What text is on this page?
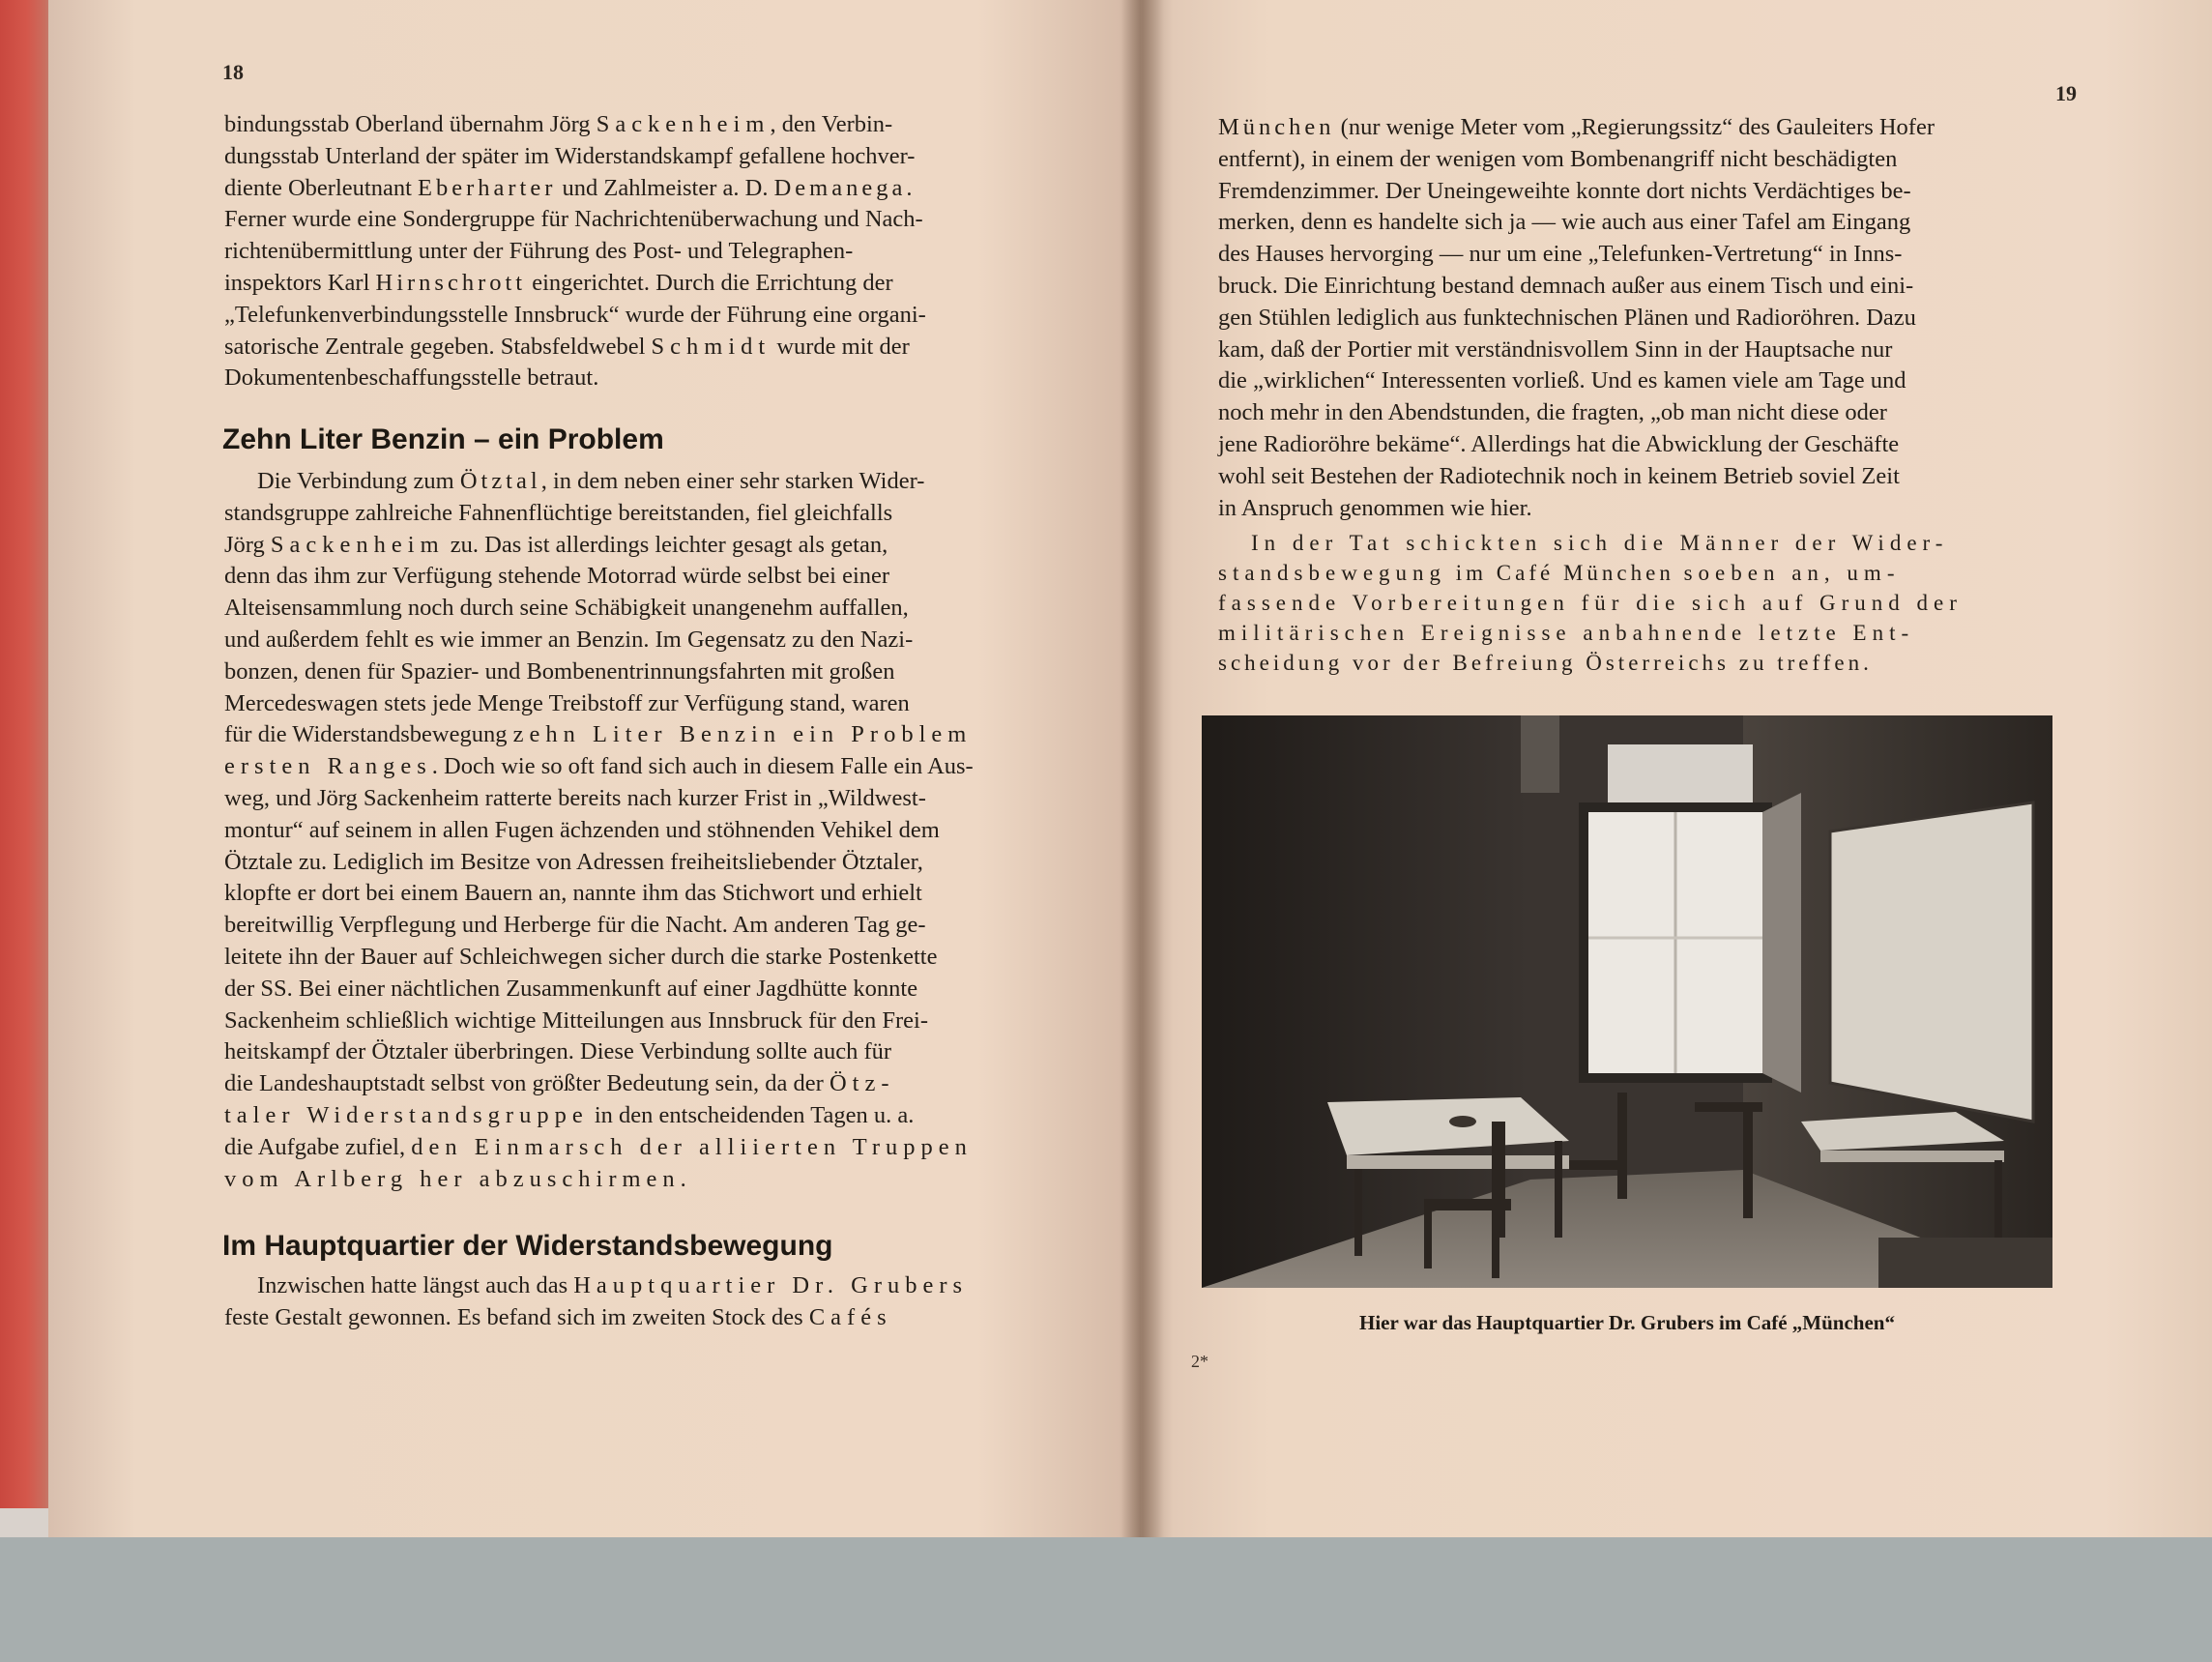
18

bindungsstab Oberland übernahm Jörg Sackenheim, den Verbin-

dungsstab Unterland der später im Widerstandskampf gefallene hochver-

diente Oberleutnant Eberharter und Zahlmeister a. D. Demanega.

Ferner wurde eine Sondergruppe für Nachrichtenüberwachung und Nach-

richtenübermittlung unter der Führung des Post- und Telegraphen-

inspektors Karl Hirnschrott eingerichtet. Durch die Errichtung der

„Telefunkenverbindungsstelle Innsbruck“ wurde der Führung eine organi-

satorische Zentrale gegeben. Stabsfeldwebel Schmidt wurde mit der

Dokumentenbeschaffungsstelle betraut.

Zehn Liter Benzin – ein Problem

Die Verbindung zum Ötztal, in dem neben einer sehr starken Wider-

standsgruppe zahlreiche Fahnenflüchtige bereitstanden, fiel gleichfalls

Jörg Sackenheim zu. Das ist allerdings leichter gesagt als getan,

denn das ihm zur Verfügung stehende Motorrad würde selbst bei einer

Alteisensammlung noch durch seine Schäbigkeit unangenehm auffallen,

und außerdem fehlt es wie immer an Benzin. Im Gegensatz zu den Nazi-

bonzen, denen für Spazier- und Bombenentrinnungsfahrten mit großen

Mercedeswagen stets jede Menge Treibstoff zur Verfügung stand, waren

für die Widerstandsbewegung zehn Liter Benzin ein Problem

ersten Ranges. Doch wie so oft fand sich auch in diesem Falle ein Aus-

weg, und Jörg Sackenheim ratterte bereits nach kurzer Frist in „Wildwest-

montur“ auf seinem in allen Fugen ächzenden und stöhnenden Vehikel dem

Ötztale zu. Lediglich im Besitze von Adressen freiheitsliebender Ötztaler,

klopfte er dort bei einem Bauern an, nannte ihm das Stichwort und erhielt

bereitwillig Verpflegung und Herberge für die Nacht. Am anderen Tag ge-

leitete ihn der Bauer auf Schleichwegen sicher durch die starke Postenkette

der SS. Bei einer nächtlichen Zusammenkunft auf einer Jagdhütte konnte

Sackenheim schließlich wichtige Mitteilungen aus Innsbruck für den Frei-

heitskampf der Ötztaler überbringen. Diese Verbindung sollte auch für

die Landeshauptstadt selbst von größter Bedeutung sein, da der Ötz-

taler Widerstandsgruppe in den entscheidenden Tagen u. a.

die Aufgabe zufiel, den Einmarsch der alliierten Truppen

vom Arlberg her abzuschirmen.

Im Hauptquartier der Widerstandsbewegung

Inzwischen hatte längst auch das Hauptquartier Dr. Grubers

feste Gestalt gewonnen. Es befand sich im zweiten Stock des Cafés

19

München (nur wenige Meter vom „Regierungssitz“ des Gauleiters Hofer

entfernt), in einem der wenigen vom Bombenangriff nicht beschädigten

Fremdenzimmer. Der Uneingeweihte konnte dort nichts Verdächtiges be-

merken, denn es handelte sich ja — wie auch aus einer Tafel am Eingang

des Hauses hervorging — nur um eine „Telefunken-Vertretung“ in Inns-

bruck. Die Einrichtung bestand demnach außer aus einem Tisch und eini-

gen Stühlen lediglich aus funktechnischen Plänen und Radioröhren. Dazu

kam, daß der Portier mit verständnisvollem Sinn in der Hauptsache nur

die „wirklichen“ Interessenten vorließ. Und es kamen viele am Tage und

noch mehr in den Abendstunden, die fragten, „ob man nicht diese oder

jene Radioröhre bekäme“. Allerdings hat die Abwicklung der Geschäfte

wohl seit Bestehen der Radiotechnik noch in keinem Betrieb soviel Zeit

in Anspruch genommen wie hier.

In der Tat schickten sich die Männer der Wider-

standsbewegung im Café München soeben an, um-

fassende Vorbereitungen für die sich auf Grund der

militärischen Ereignisse anbahnende letzte Ent-

scheidung vor der Befreiung Österreichs zu treffen.

Hier war das Hauptquartier Dr. Grubers im Café „München“
2*
